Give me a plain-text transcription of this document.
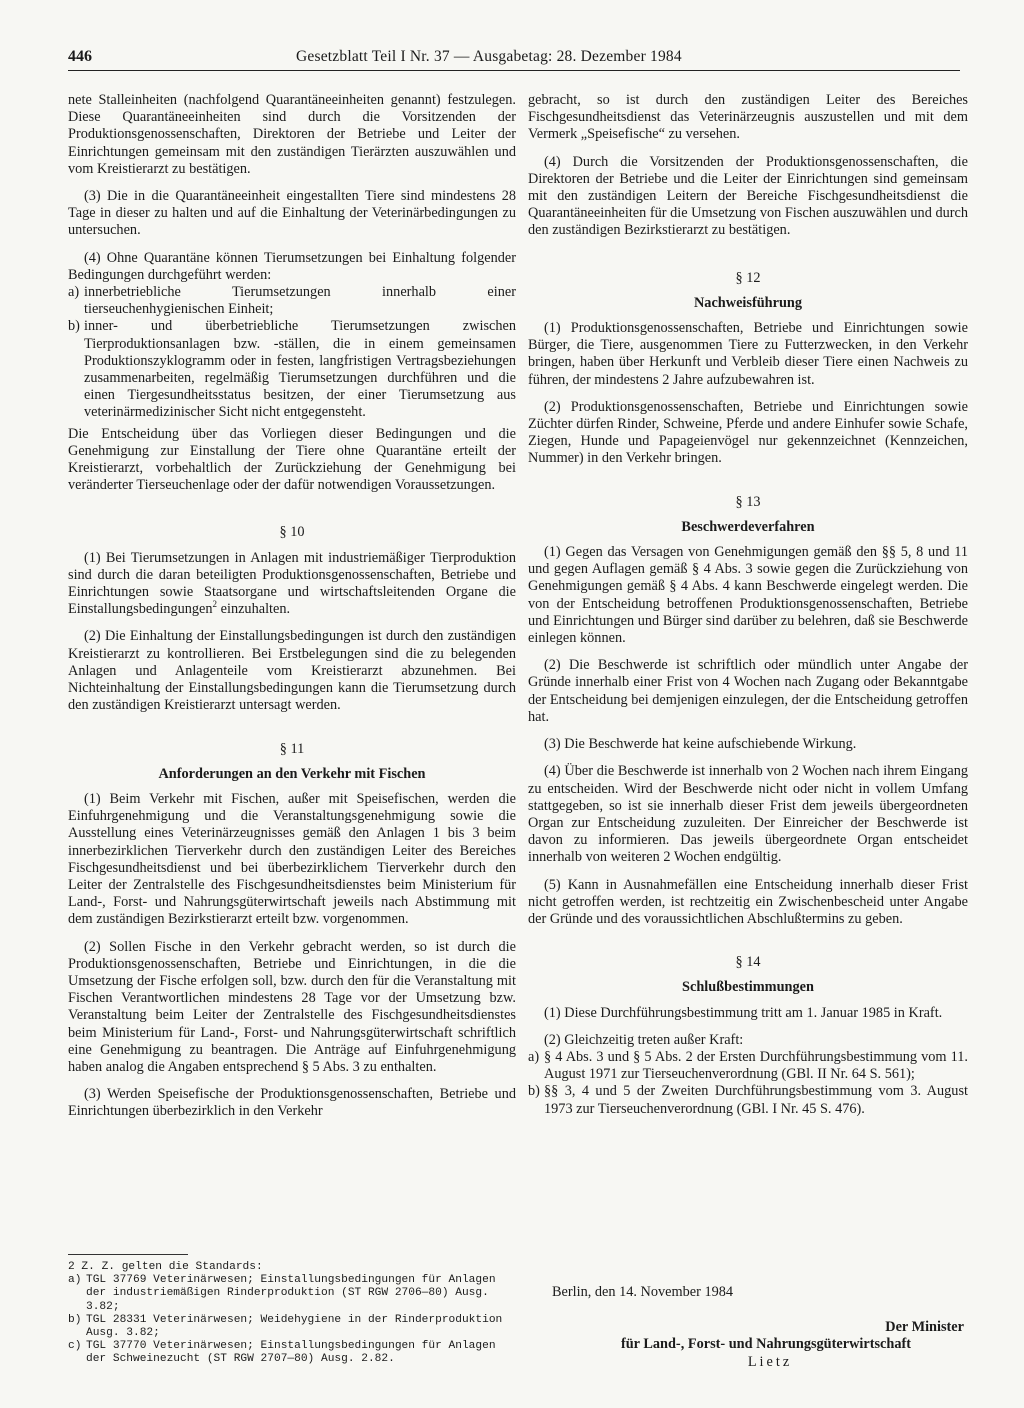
446	Gesetzblatt Teil I Nr. 37 — Ausgabetag: 28. Dezember 1984

nete Stalleinheiten (nachfolgend Quarantäneeinheiten genannt) festzulegen. Diese Quarantäneeinheiten sind durch die Vorsitzenden der Produktionsgenossenschaften, Direktoren der Betriebe und Leiter der Einrichtungen gemeinsam mit den zuständigen Tierärzten auszuwählen und vom Kreistierarzt zu bestätigen.

(3) Die in die Quarantäneeinheit eingestallten Tiere sind mindestens 28 Tage in dieser zu halten und auf die Einhaltung der Veterinärbedingungen zu untersuchen.

(4) Ohne Quarantäne können Tierumsetzungen bei Einhaltung folgender Bedingungen durchgeführt werden:

a) innerbetriebliche Tierumsetzungen innerhalb einer tierseuchenhygienischen Einheit;
b) inner- und überbetriebliche Tierumsetzungen zwischen Tierproduktionsanlagen bzw. -ställen, die in einem gemeinsamen Produktionszyklogramm oder in festen, langfristigen Vertragsbeziehungen zusammenarbeiten, regelmäßig Tierumsetzungen durchführen und die einen Tiergesundheitsstatus besitzen, der einer Tierumsetzung aus veterinärmedizinischer Sicht nicht entgegensteht.

Die Entscheidung über das Vorliegen dieser Bedingungen und die Genehmigung zur Einstallung der Tiere ohne Quarantäne erteilt der Kreistierarzt, vorbehaltlich der Zurückziehung der Genehmigung bei veränderter Tierseuchenlage oder der dafür notwendigen Voraussetzungen.

§ 10

(1) Bei Tierumsetzungen in Anlagen mit industriemäßiger Tierproduktion sind durch die daran beteiligten Produktionsgenossenschaften, Betriebe und Einrichtungen sowie Staatsorgane und wirtschaftsleitenden Organe die Einstallungsbedingungen$^2$ einzuhalten.

(2) Die Einhaltung der Einstallungsbedingungen ist durch den zuständigen Kreistierarzt zu kontrollieren. Bei Erstbelegungen sind die zu belegenden Anlagen und Anlagenteile vom Kreistierarzt abzunehmen. Bei Nichteinhaltung der Einstallungsbedingungen kann die Tierumsetzung durch den zuständigen Kreistierarzt untersagt werden.

§ 11
Anforderungen an den Verkehr mit Fischen

(1) Beim Verkehr mit Fischen, außer mit Speisefischen, werden die Einfuhrgenehmigung und die Veranstaltungsgenehmigung sowie die Ausstellung eines Veterinärzeugnisses gemäß den Anlagen 1 bis 3 beim innerbezirklichen Tierverkehr durch den zuständigen Leiter des Bereiches Fischgesundheitsdienst und bei überbezirklichem Tierverkehr durch den Leiter der Zentralstelle des Fischgesundheitsdienstes beim Ministerium für Land-, Forst- und Nahrungsgüterwirtschaft jeweils nach Abstimmung mit dem zuständigen Bezirkstierarzt erteilt bzw. vorgenommen.

(2) Sollen Fische in den Verkehr gebracht werden, so ist durch die Produktionsgenossenschaften, Betriebe und Einrichtungen, in die die Umsetzung der Fische erfolgen soll, bzw. durch den für die Veranstaltung mit Fischen Verantwortlichen mindestens 28 Tage vor der Umsetzung bzw. Veranstaltung beim Leiter der Zentralstelle des Fischgesundheitsdienstes beim Ministerium für Land-, Forst- und Nahrungsgüterwirtschaft schriftlich eine Genehmigung zu beantragen. Die Anträge auf Einfuhrgenehmigung haben analog die Angaben entsprechend § 5 Abs. 3 zu enthalten.

(3) Werden Speisefische der Produktionsgenossenschaften, Betriebe und Einrichtungen überbezirklich in den Verkehr

2 Z. Z. gelten die Standards:
a) TGL 37769 Veterinärwesen; Einstallungsbedingungen für Anlagen der industriemäßigen Rinderproduktion (ST RGW 2706—80) Ausg. 3.82;
b) TGL 28331 Veterinärwesen; Weidehygiene in der Rinderproduktion Ausg. 3.82;
c) TGL 37770 Veterinärwesen; Einstallungsbedingungen für Anlagen der Schweinezucht (ST RGW 2707—80) Ausg. 2.82.

gebracht, so ist durch den zuständigen Leiter des Bereiches Fischgesundheitsdienst das Veterinärzeugnis auszustellen und mit dem Vermerk „Speisefische“ zu versehen.

(4) Durch die Vorsitzenden der Produktionsgenossenschaften, die Direktoren der Betriebe und die Leiter der Einrichtungen sind gemeinsam mit den zuständigen Leitern der Bereiche Fischgesundheitsdienst die Quarantäneeinheiten für die Umsetzung von Fischen auszuwählen und durch den zuständigen Bezirkstierarzt zu bestätigen.

§ 12
Nachweisführung

(1) Produktionsgenossenschaften, Betriebe und Einrichtungen sowie Bürger, die Tiere, ausgenommen Tiere zu Futterzwecken, in den Verkehr bringen, haben über Herkunft und Verbleib dieser Tiere einen Nachweis zu führen, der mindestens 2 Jahre aufzubewahren ist.

(2) Produktionsgenossenschaften, Betriebe und Einrichtungen sowie Züchter dürfen Rinder, Schweine, Pferde und andere Einhufer sowie Schafe, Ziegen, Hunde und Papageienvögel nur gekennzeichnet (Kennzeichen, Nummer) in den Verkehr bringen.

§ 13
Beschwerdeverfahren

(1) Gegen das Versagen von Genehmigungen gemäß den §§ 5, 8 und 11 und gegen Auflagen gemäß § 4 Abs. 3 sowie gegen die Zurückziehung von Genehmigungen gemäß § 4 Abs. 4 kann Beschwerde eingelegt werden. Die von der Entscheidung betroffenen Produktionsgenossenschaften, Betriebe und Einrichtungen und Bürger sind darüber zu belehren, daß sie Beschwerde einlegen können.

(2) Die Beschwerde ist schriftlich oder mündlich unter Angabe der Gründe innerhalb einer Frist von 4 Wochen nach Zugang oder Bekanntgabe der Entscheidung bei demjenigen einzulegen, der die Entscheidung getroffen hat.

(3) Die Beschwerde hat keine aufschiebende Wirkung.

(4) Über die Beschwerde ist innerhalb von 2 Wochen nach ihrem Eingang zu entscheiden. Wird der Beschwerde nicht oder nicht in vollem Umfang stattgegeben, so ist sie innerhalb dieser Frist dem jeweils übergeordneten Organ zur Entscheidung zuzuleiten. Der Einreicher der Beschwerde ist davon zu informieren. Das jeweils übergeordnete Organ entscheidet innerhalb von weiteren 2 Wochen endgültig.

(5) Kann in Ausnahmefällen eine Entscheidung innerhalb dieser Frist nicht getroffen werden, ist rechtzeitig ein Zwischenbescheid unter Angabe der Gründe und des voraussichtlichen Abschlußtermins zu geben.

§ 14
Schlußbestimmungen

(1) Diese Durchführungsbestimmung tritt am 1. Januar 1985 in Kraft.

(2) Gleichzeitig treten außer Kraft:

a) § 4 Abs. 3 und § 5 Abs. 2 der Ersten Durchführungsbestimmung vom 11. August 1971 zur Tierseuchenverordnung (GBl. II Nr. 64 S. 561);
b) §§ 3, 4 und 5 der Zweiten Durchführungsbestimmung vom 3. August 1973 zur Tierseuchenverordnung (GBl. I Nr. 45 S. 476).
Berlin, den 14. November 1984
Der Minister
für Land-, Forst- und Nahrungsgüterwirtschaft
Lietz
